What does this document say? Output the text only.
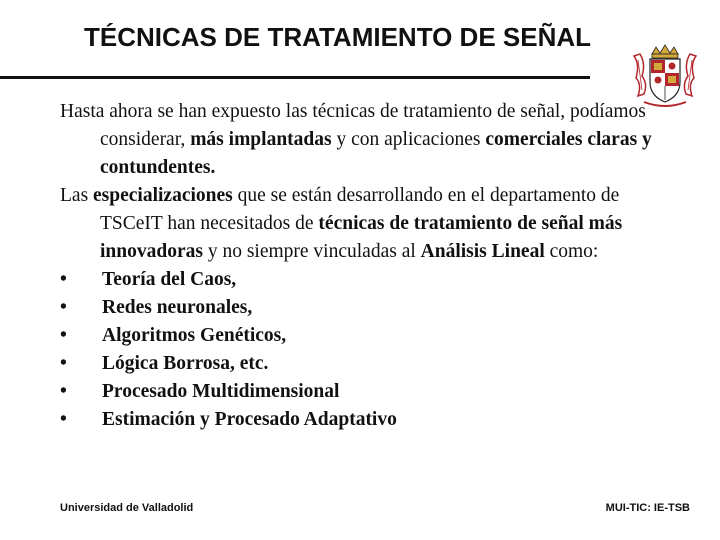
TÉCNICAS DE TRATAMIENTO DE SEÑAL

Hasta ahora se han expuesto las técnicas de tratamiento de señal, podíamos considerar, más implantadas y con aplicaciones comerciales claras y contundentes.

Las especializaciones que se están desarrollando en el departamento de TSCeIT han necesitados de técnicas de tratamiento de señal más innovadoras y no siempre vinculadas al Análisis Lineal como:

• Teoría del Caos,
• Redes neuronales,
• Algoritmos Genéticos,
• Lógica Borrosa, etc.
• Procesado Multidimensional
• Estimación y Procesado Adaptativo
Universidad de Valladolid	MUI-TIC: IE-TSB
